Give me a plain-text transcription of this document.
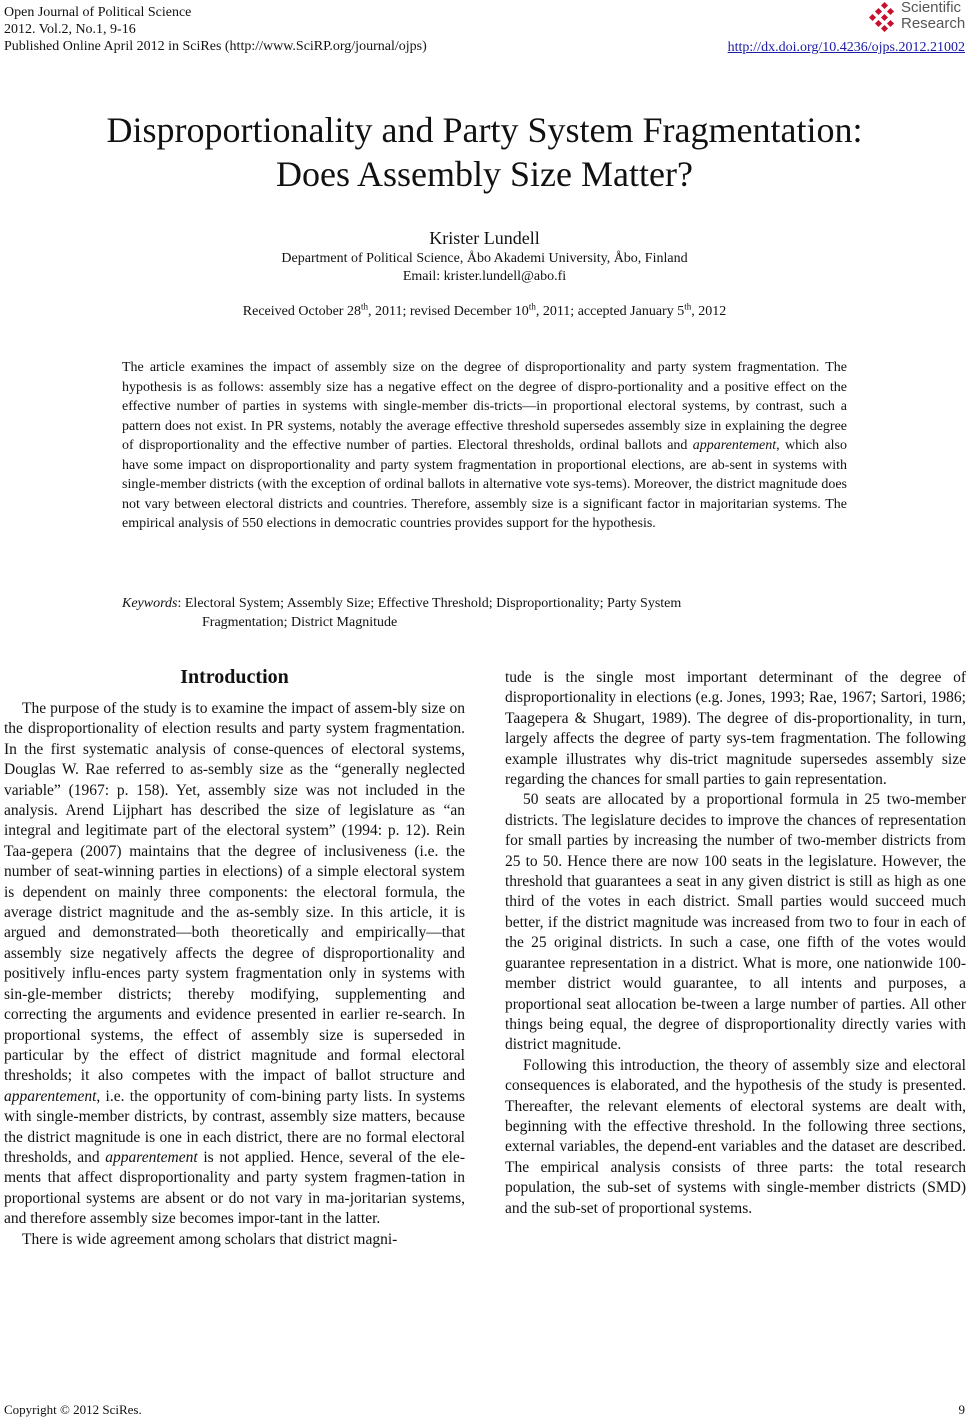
Open Journal of Political Science
2012. Vol.2, No.1, 9-16
Published Online April 2012 in SciRes (http://www.SciRP.org/journal/ojps)
Scientific
Research
http://dx.doi.org/10.4236/ojps.2012.21002
Disproportionality and Party System Fragmentation:
Does Assembly Size Matter?
Krister Lundell
Department of Political Science, Åbo Akademi University, Åbo, Finland
Email: krister.lundell@abo.fi
Received October 28th, 2011; revised December 10th, 2011; accepted January 5th, 2012
The article examines the impact of assembly size on the degree of disproportionality and party system fragmentation. The hypothesis is as follows: assembly size has a negative effect on the degree of dispro-portionality and a positive effect on the effective number of parties in systems with single-member dis-tricts—in proportional electoral systems, by contrast, such a pattern does not exist. In PR systems, notably the average effective threshold supersedes assembly size in explaining the degree of disproportionality and the effective number of parties. Electoral thresholds, ordinal ballots and apparentement, which also have some impact on disproportionality and party system fragmentation in proportional elections, are ab-sent in systems with single-member districts (with the exception of ordinal ballots in alternative vote sys-tems). Moreover, the district magnitude does not vary between electoral districts and countries. Therefore, assembly size is a significant factor in majoritarian systems. The empirical analysis of 550 elections in democratic countries provides support for the hypothesis.
Keywords: Electoral System; Assembly Size; Effective Threshold; Disproportionality; Party System
Fragmentation; District Magnitude
Introduction

The purpose of the study is to examine the impact of assem-bly size on the disproportionality of election results and party system fragmentation. In the first systematic analysis of conse-quences of electoral systems, Douglas W. Rae referred to as-sembly size as the “generally neglected variable” (1967: p. 158). Yet, assembly size was not included in the analysis. Arend Lijphart has described the size of legislature as “an integral and legitimate part of the electoral system” (1994: p. 12). Rein Taa-gepera (2007) maintains that the degree of inclusiveness (i.e. the number of seat-winning parties in elections) of a simple electoral system is dependent on mainly three components: the electoral formula, the average district magnitude and the as-sembly size. In this article, it is argued and demonstrated—both theoretically and empirically—that assembly size negatively affects the degree of disproportionality and positively influ-ences party system fragmentation only in systems with sin-gle-member districts; thereby modifying, supplementing and correcting the arguments and evidence presented in earlier re-search. In proportional systems, the effect of assembly size is superseded in particular by the effect of district magnitude and formal electoral thresholds; it also competes with the impact of ballot structure and apparentement, i.e. the opportunity of com-bining party lists. In systems with single-member districts, by contrast, assembly size matters, because the district magnitude is one in each district, there are no formal electoral thresholds, and apparentement is not applied. Hence, several of the ele-ments that affect disproportionality and party system fragmen-tation in proportional systems are absent or do not vary in ma-joritarian systems, and therefore assembly size becomes impor-tant in the latter.

There is wide agreement among scholars that district magni-

tude is the single most important determinant of the degree of disproportionality in elections (e.g. Jones, 1993; Rae, 1967; Sartori, 1986; Taagepera & Shugart, 1989). The degree of dis-proportionality, in turn, largely affects the degree of party sys-tem fragmentation. The following example illustrates why dis-trict magnitude supersedes assembly size regarding the chances for small parties to gain representation.

50 seats are allocated by a proportional formula in 25 two-member districts. The legislature decides to improve the chances of representation for small parties by increasing the number of two-member districts from 25 to 50. Hence there are now 100 seats in the legislature. However, the threshold that guarantees a seat in any given district is still as high as one third of the votes in each district. Small parties would succeed much better, if the district magnitude was increased from two to four in each of the 25 original districts. In such a case, one fifth of the votes would guarantee representation in a district. What is more, one nationwide 100-member district would guarantee, to all intents and purposes, a proportional seat allocation be-tween a large number of parties. All other things being equal, the degree of disproportionality directly varies with district magnitude.

Following this introduction, the theory of assembly size and electoral consequences is elaborated, and the hypothesis of the study is presented. Thereafter, the relevant elements of electoral systems are dealt with, beginning with the effective threshold. In the following three sections, external variables, the depend-ent variables and the dataset are described. The empirical analysis consists of three parts: the total research population, the sub-set of systems with single-member districts (SMD) and the sub-set of proportional systems.

Copyright © 2012 SciRes.	9
